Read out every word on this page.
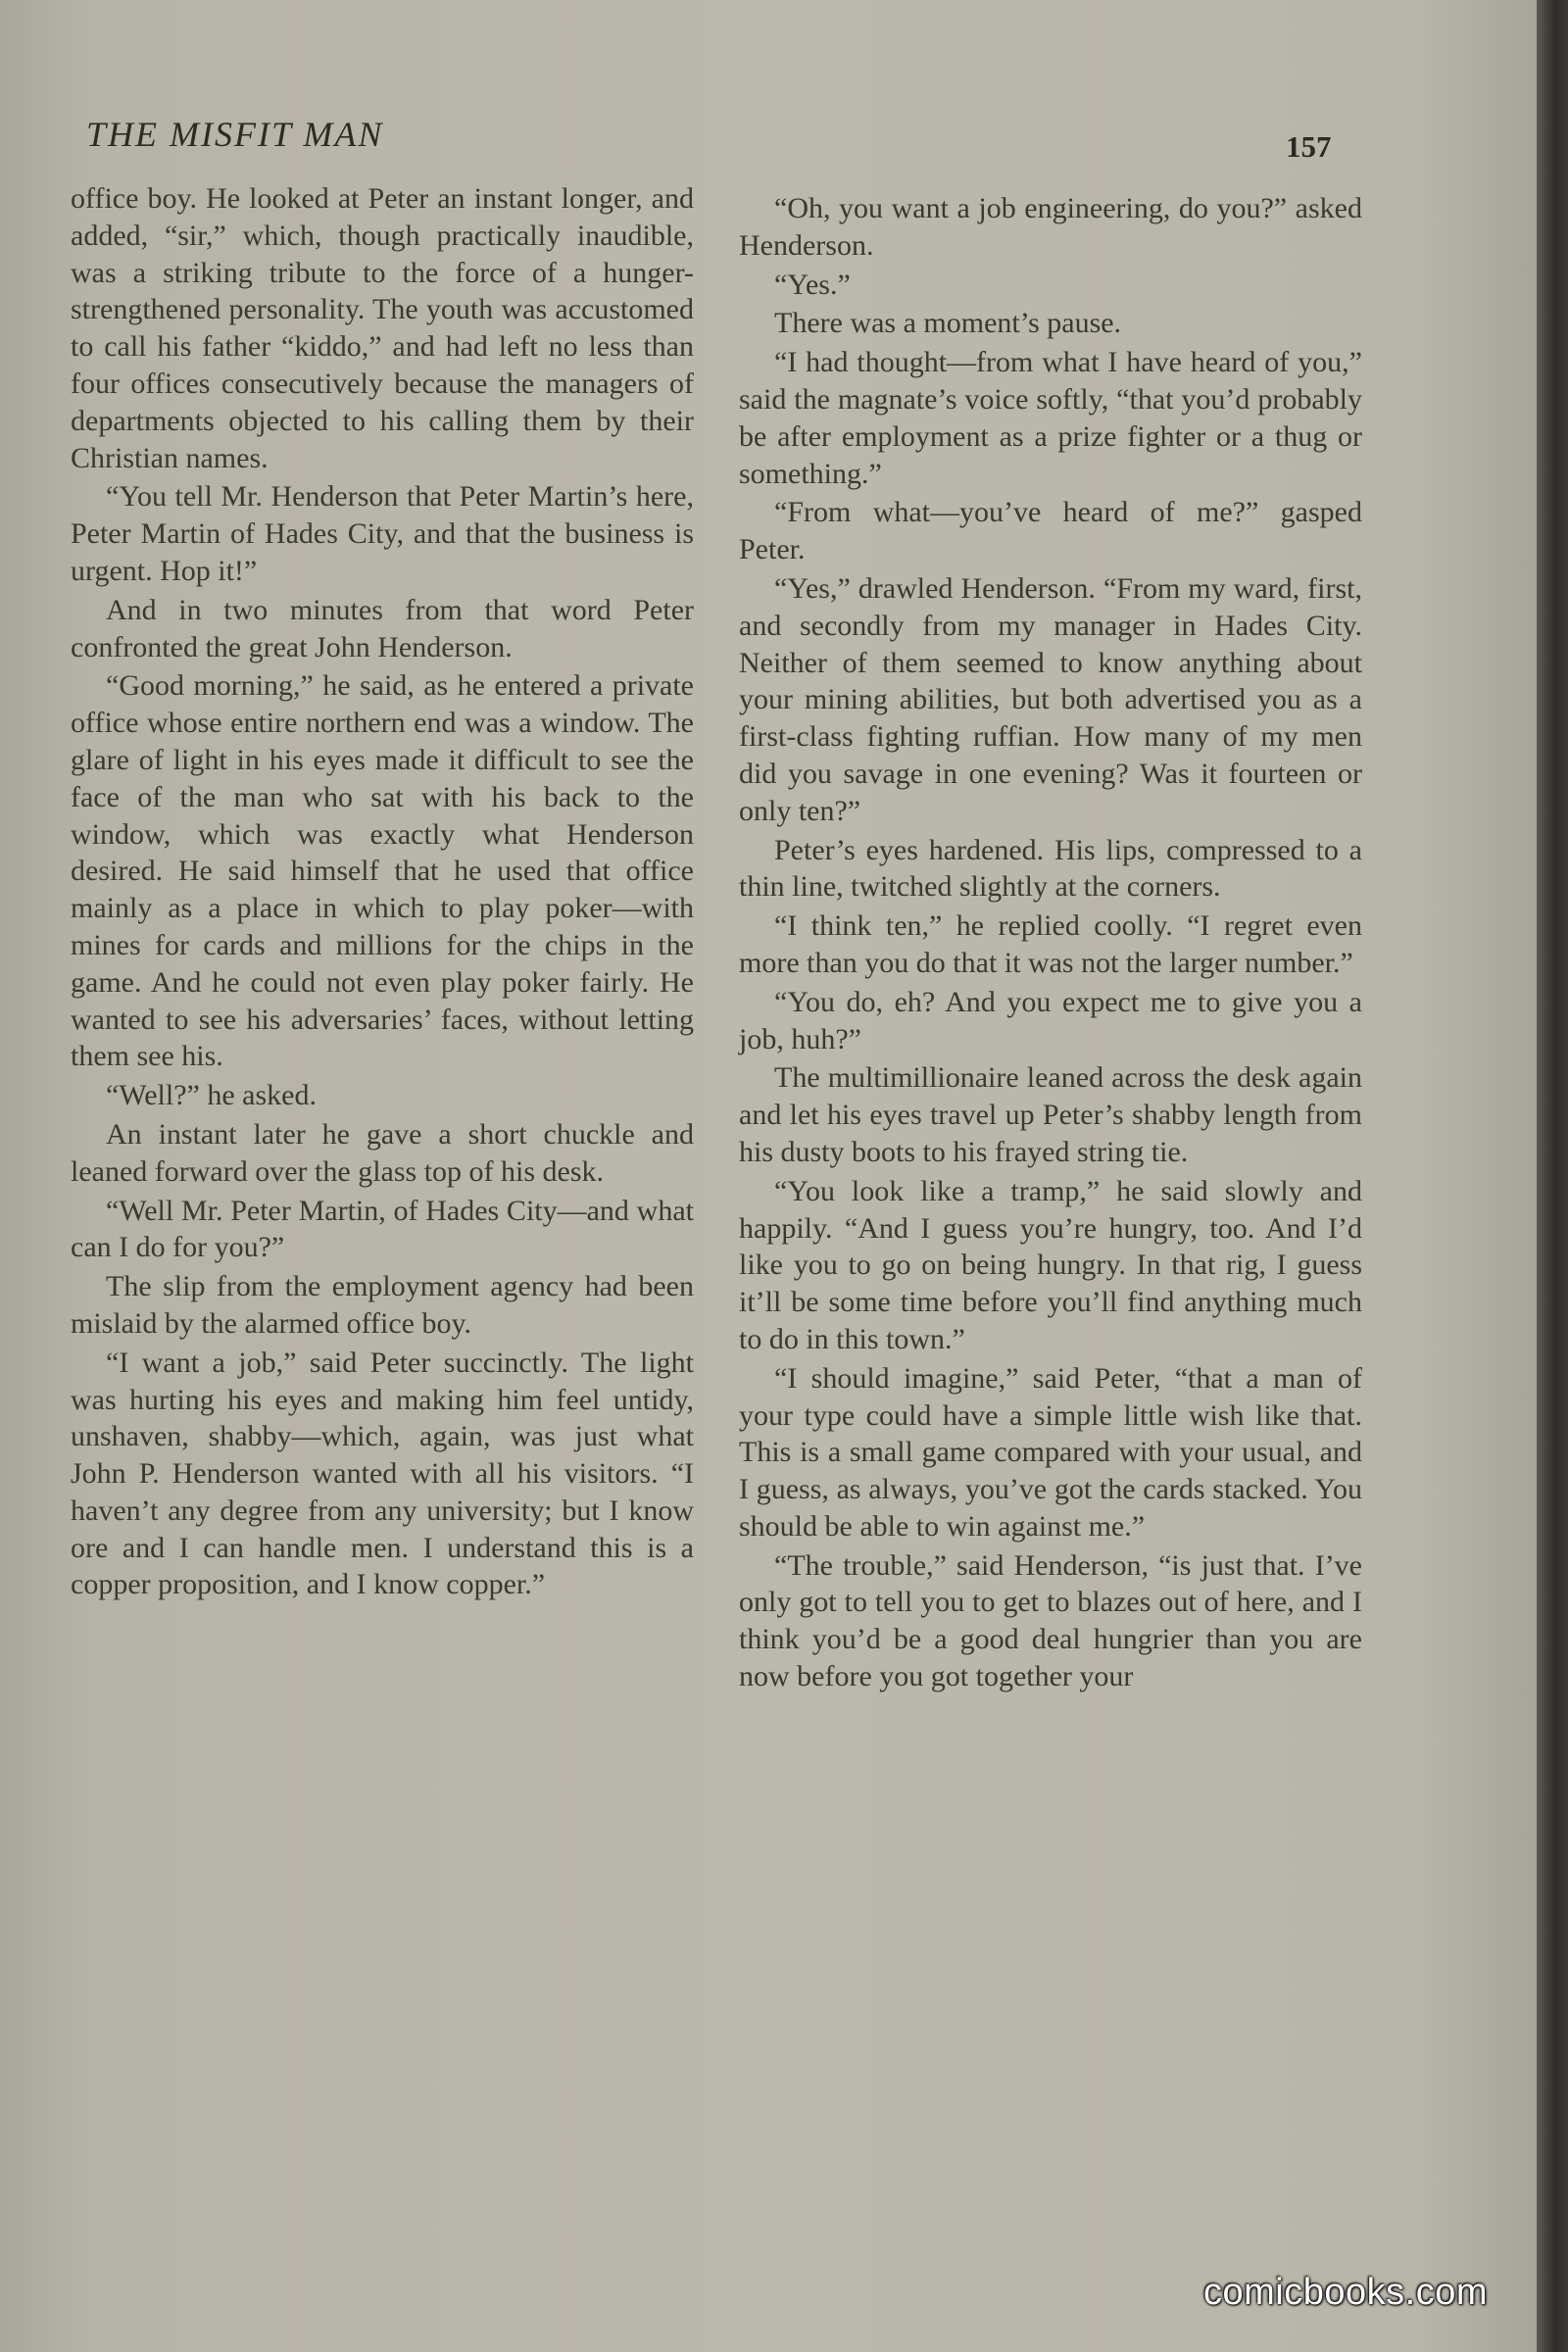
THE MISFIT MAN	157

office boy. He looked at Peter an instant longer, and added, “sir,” which, though practically inaudible, was a striking tribute to the force of a hunger-strengthened personality. The youth was accustomed to call his father “kiddo,” and had left no less than four offices consecutively because the managers of departments objected to his calling them by their Christian names.

“You tell Mr. Henderson that Peter Martin’s here, Peter Martin of Hades City, and that the business is urgent. Hop it!”

And in two minutes from that word Peter confronted the great John Henderson.

“Good morning,” he said, as he entered a private office whose entire northern end was a window. The glare of light in his eyes made it difficult to see the face of the man who sat with his back to the window, which was exactly what Henderson desired. He said himself that he used that office mainly as a place in which to play poker—with mines for cards and millions for the chips in the game. And he could not even play poker fairly. He wanted to see his adversaries’ faces, without letting them see his.

“Well?” he asked.

An instant later he gave a short chuckle and leaned forward over the glass top of his desk.

“Well Mr. Peter Martin, of Hades City—and what can I do for you?”

The slip from the employment agency had been mislaid by the alarmed office boy.

“I want a job,” said Peter succinctly. The light was hurting his eyes and making him feel untidy, unshaven, shabby—which, again, was just what John P. Henderson wanted with all his visitors. “I haven’t any degree from any university; but I know ore and I can handle men. I understand this is a copper proposition, and I know copper.”

“Oh, you want a job engineering, do you?” asked Henderson.

“Yes.”

There was a moment’s pause.

“I had thought—from what I have heard of you,” said the magnate’s voice softly, “that you’d probably be after employment as a prize fighter or a thug or something.”

“From what—you’ve heard of me?” gasped Peter.

“Yes,” drawled Henderson. “From my ward, first, and secondly from my manager in Hades City. Neither of them seemed to know anything about your mining abilities, but both advertised you as a first-class fighting ruffian. How many of my men did you savage in one evening? Was it fourteen or only ten?”

Peter’s eyes hardened. His lips, compressed to a thin line, twitched slightly at the corners.

“I think ten,” he replied coolly. “I regret even more than you do that it was not the larger number.”

“You do, eh? And you expect me to give you a job, huh?”

The multimillionaire leaned across the desk again and let his eyes travel up Peter’s shabby length from his dusty boots to his frayed string tie.

“You look like a tramp,” he said slowly and happily. “And I guess you’re hungry, too. And I’d like you to go on being hungry. In that rig, I guess it’ll be some time before you’ll find anything much to do in this town.”

“I should imagine,” said Peter, “that a man of your type could have a simple little wish like that. This is a small game compared with your usual, and I guess, as always, you’ve got the cards stacked. You should be able to win against me.”

“The trouble,” said Henderson, “is just that. I’ve only got to tell you to get to blazes out of here, and I think you’d be a good deal hungrier than you are now before you got together your

comicbooks.com
